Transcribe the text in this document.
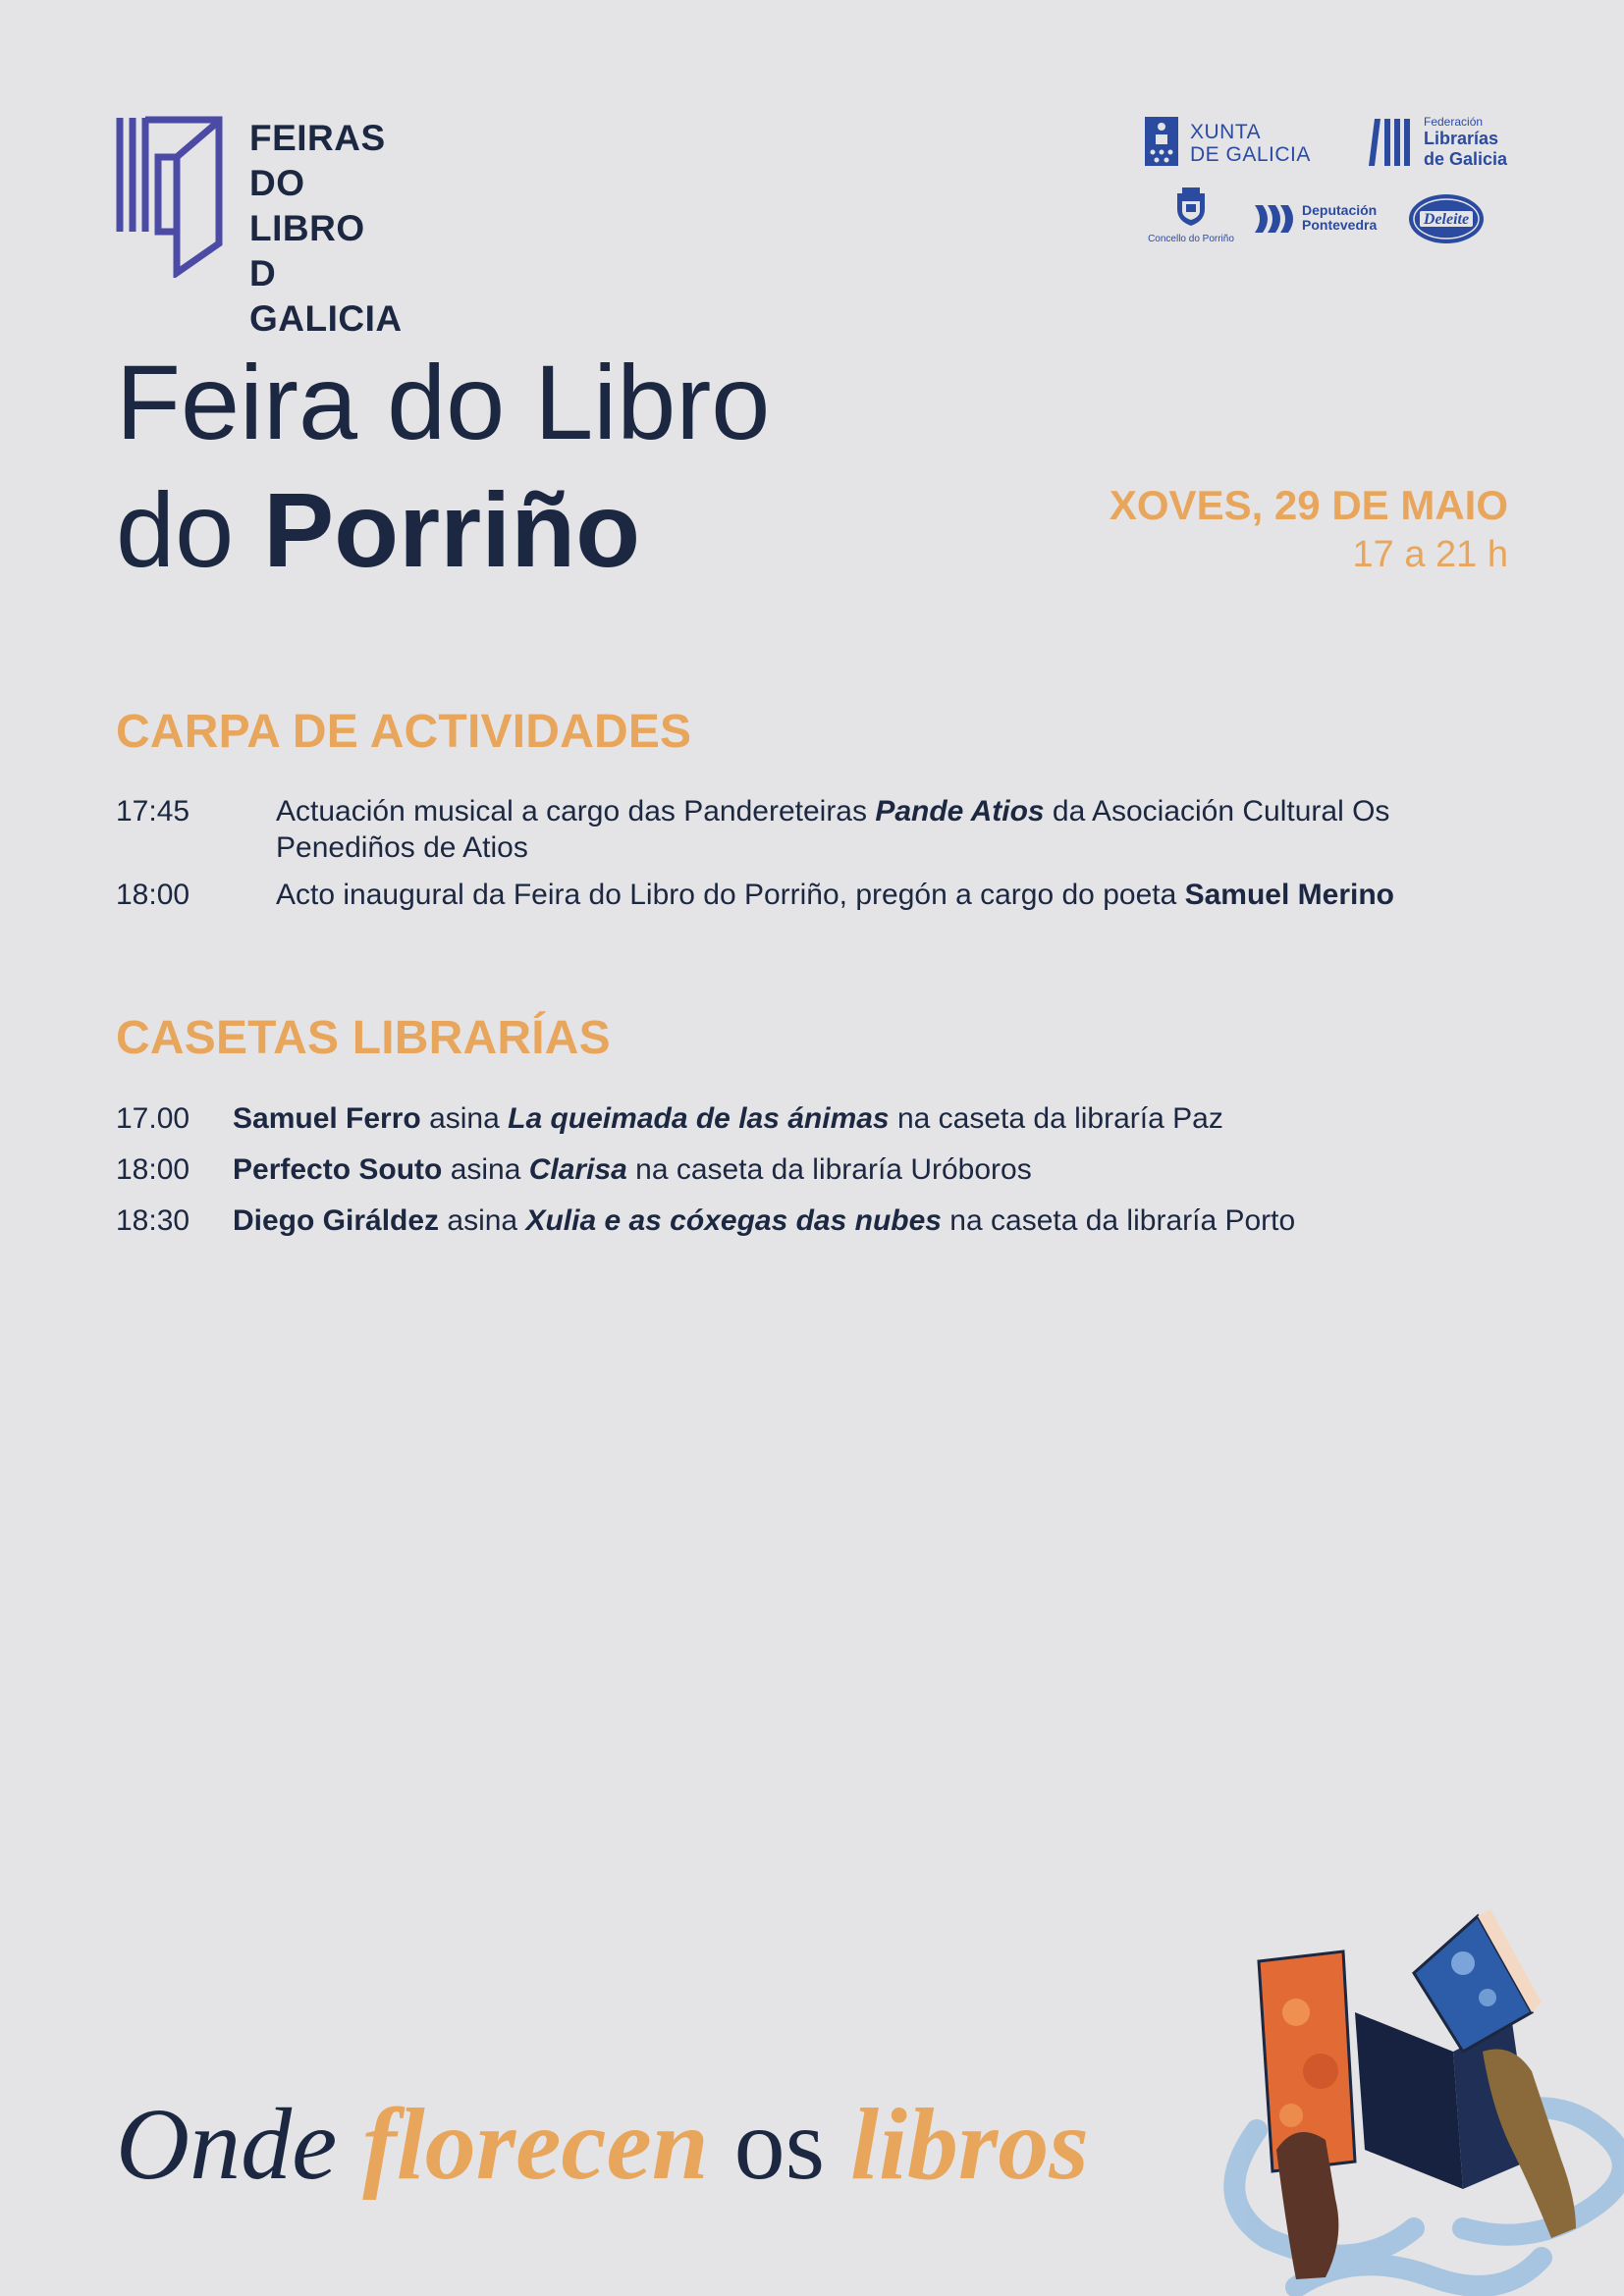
FEIRAS
DO LIBRO
D GALICIA
XUNTA
DE GALICIA
Federación
Librarías
de Galicia
Concello do Porriño
Deputación
Pontevedra	Deleite
Feira do Libro
do Porriño	XOVES, 29 DE MAIO
17 a 21 h
CARPA DE ACTIVIDADES
17:45	Actuación musical a cargo das Pandereteiras Pande Atios da Asociación Cultural Os Penediños de Atios
18:00	Acto inaugural da Feira do Libro do Porriño, pregón a cargo do poeta Samuel Merino
CASETAS LIBRARÍAS
17.00 Samuel Ferro asina La queimada de las ánimas na caseta da libraría Paz
18:00 Perfecto Souto asina Clarisa na caseta da libraría Uróboros
18:30 Diego Giráldez asina Xulia e as cóxegas das nubes na caseta da libraría Porto
Onde florecen os libros
